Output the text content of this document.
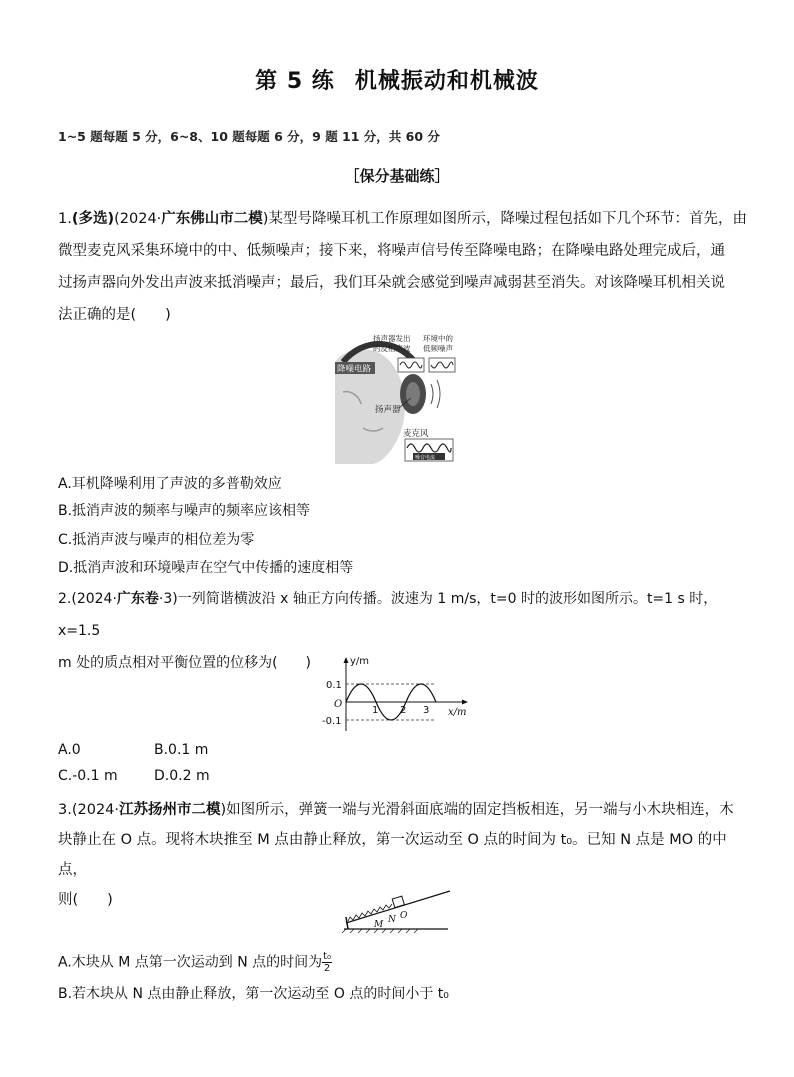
第 5 练 机械振动和机械波
1~5 题每题 5 分，6~8、10 题每题 6 分，9 题 11 分，共 60 分
［保分基础练］
1.(多选)(2024·广东佛山市二模)某型号降噪耳机工作原理如图所示，降噪过程包括如下几个环节：首先，由
微型麦克风采集环境中的中、低频噪声；接下来，将噪声信号传至降噪电路；在降噪电路处理完成后，通
过扬声器向外发出声波来抵消噪声；最后，我们耳朵就会感觉到噪声减弱甚至消失。对该降噪耳机相关说
法正确的是(　　)
降噪电路
扬声器
扬声器发出
的反相声波
环境中的
低频噪声
麦克风
噪音电流
A.耳机降噪利用了声波的多普勒效应
B.抵消声波的频率与噪声的频率应该相等
C.抵消声波与噪声的相位差为零
D.抵消声波和环境噪声在空气中传播的速度相等
2.(2024·广东卷·3)一列简谐横波沿 x 轴正方向传播。波速为 1 m/s，t=0 时的波形如图所示。t=1 s 时，x=1.5
m 处的质点相对平衡位置的位移为(　　)	y/m
x/m
O
0.1
-0.1
1 2 3
A.0	B.0.1 m
C.-0.1 m	D.0.2 m
3.(2024·江苏扬州市二模)如图所示，弹簧一端与光滑斜面底端的固定挡板相连，另一端与小木块相连，木
块静止在 O 点。现将木块推至 M 点由静止释放，第一次运动至 O 点的时间为 t₀。已知 N 点是 MO 的中点，
则(　　)
M N O
A.木块从 M 点第一次运动到 N 点的时间为 $\frac{\text{t₀}}{2}$
B.若木块从 N 点由静止释放，第一次运动至 O 点的时间小于 t₀
